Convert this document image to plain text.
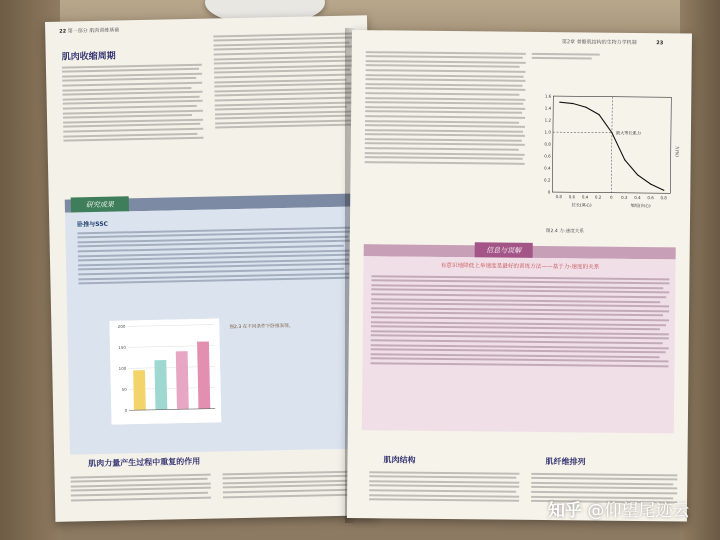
22 第一部分 肌肉训练基础
肌肉收缩周期
研究成果
卧推与SSC
0
50
100
150
200	图2.3 在不同条件下卧推表现。
肌肉力量产生过程中重复的作用
第2章 骨骼肌结构的生物力学机制	23
0
0.2
0.4
0.6
0.8
1.0
1.2
1.4
1.6
0.8 0.6 0.4 0.2 0 0.2 0.4 0.6 0.8
最大等长肌力
力(%)
拉长(离心)	缩短(向心)
图2.4 力-速度关系
信息与误解
有意识地降低上举速度是最好的训练方法——基于力-速度的关系
肌肉结构	肌纤维排列
知乎 @仰望尾迹云
